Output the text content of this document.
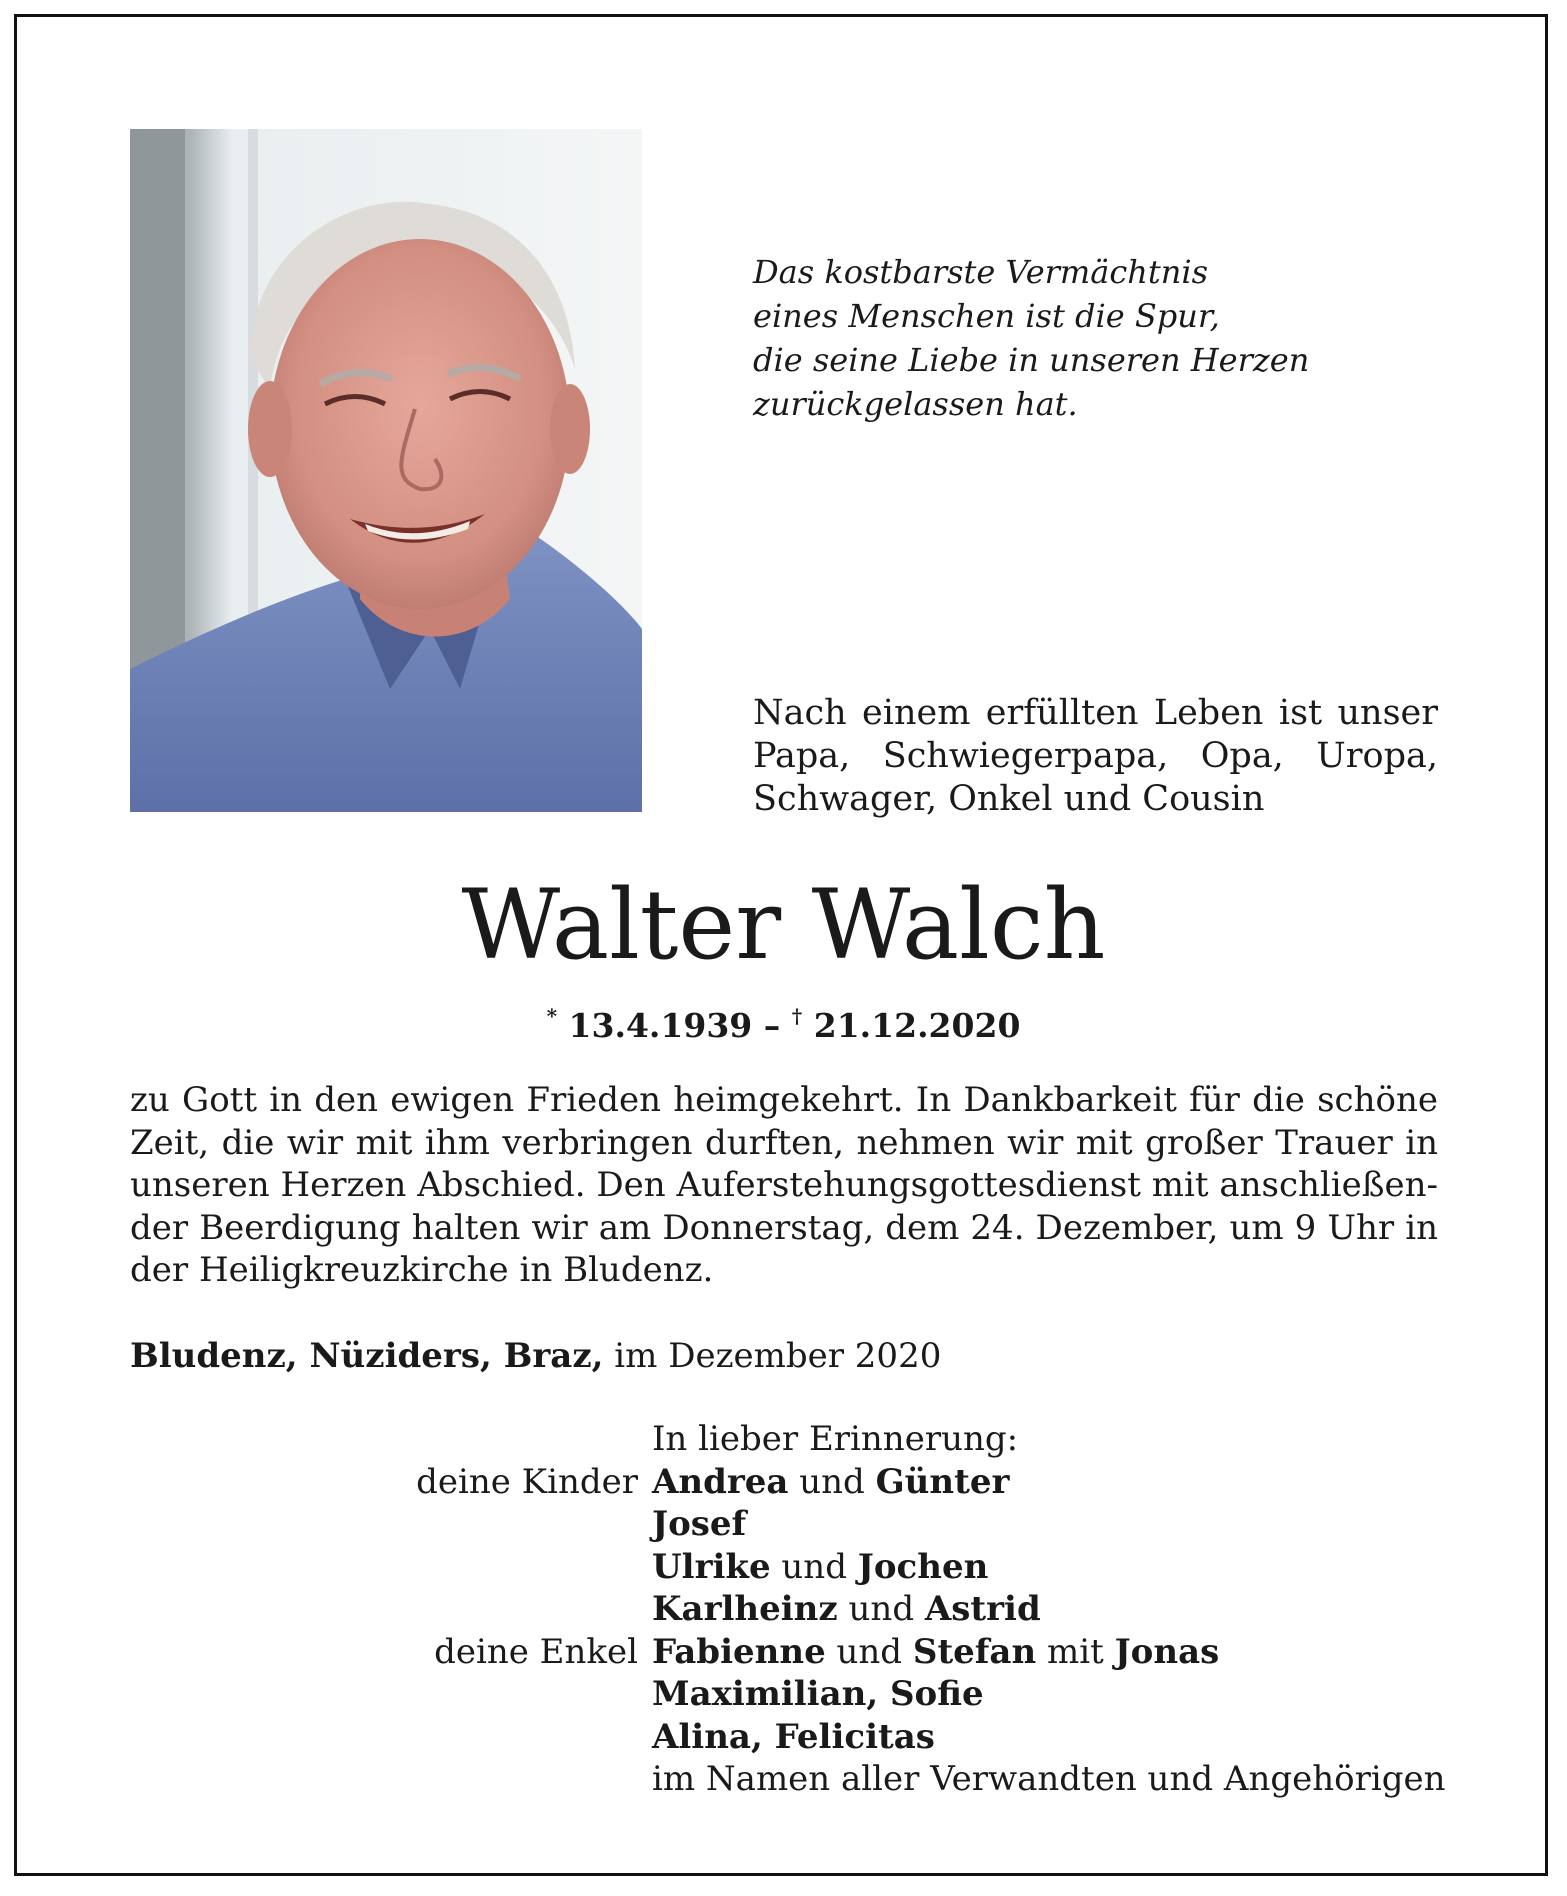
Das kostbarste Vermächtnis
eines Menschen ist die Spur,
die seine Liebe in unseren Herzen
zurückgelassen hat.
Nach einem erfüllten Leben ist unser
Papa, Schwiegerpapa, Opa, Uropa,
Schwager, Onkel und Cousin
Walter Walch
* 13.4.1939 – † 21.12.2020
zu Gott in den ewigen Frieden heimgekehrt. In Dankbarkeit für die schöne
Zeit, die wir mit ihm verbringen durften, nehmen wir mit großer Trauer in
unseren Herzen Abschied. Den Auferstehungsgottesdienst mit anschließen-
der Beerdigung halten wir am Donnerstag, dem 24. Dezember, um 9 Uhr in
der Heiligkreuzkirche in Bludenz.
Bludenz, Nüziders, Braz, im Dezember 2020
In lieber Erinnerung:
deine Kinder Andrea und Günter
Josef
Ulrike und Jochen
Karlheinz und Astrid
deine Enkel Fabienne und Stefan mit Jonas
Maximilian, Sofie
Alina, Felicitas
im Namen aller Verwandten und Angehörigen
